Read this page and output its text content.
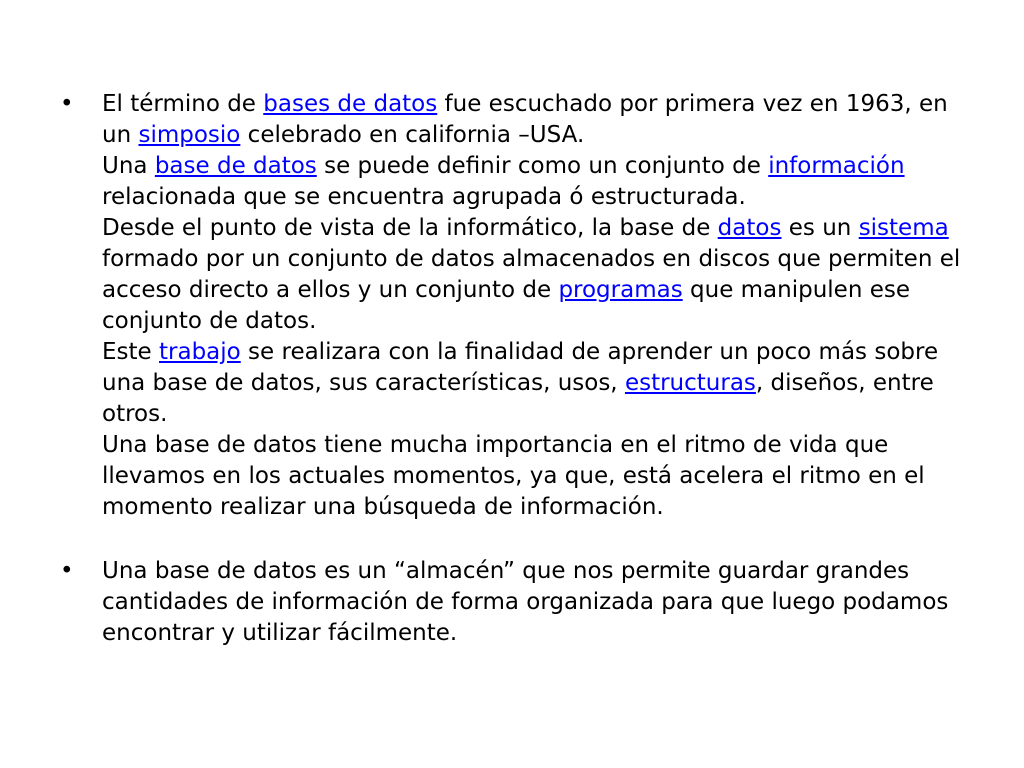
• El término de bases de datos fue escuchado por primera vez en 1963, en un simposio celebrado en california –USA.
Una base de datos se puede definir como un conjunto de información relacionada que se encuentra agrupada ó estructurada.
Desde el punto de vista de la informático, la base de datos es un sistema formado por un conjunto de datos almacenados en discos que permiten el acceso directo a ellos y un conjunto de programas que manipulen ese conjunto de datos.
Este trabajo se realizara con la finalidad de aprender un poco más sobre una base de datos, sus características, usos, estructuras, diseños, entre otros.
Una base de datos tiene mucha importancia en el ritmo de vida que llevamos en los actuales momentos, ya que, está acelera el ritmo en el momento realizar una búsqueda de información.
• Una base de datos es un “almacén” que nos permite guardar grandes cantidades de información de forma organizada para que luego podamos encontrar y utilizar fácilmente.
